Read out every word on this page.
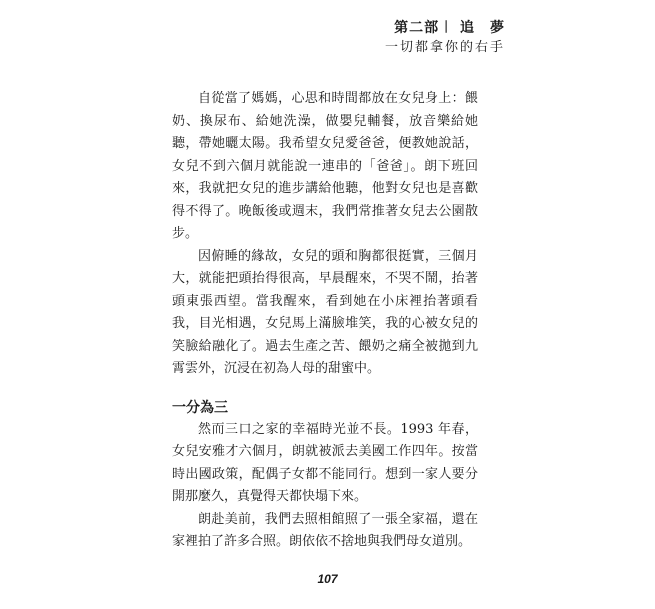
第二部︱ 追　夢
一切都拿你的右手

自從當了媽媽，心思和時間都放在女兒身上：餵奶、換尿布、給她洗澡，做嬰兒輔餐，放音樂給她聽，帶她曬太陽。我希望女兒愛爸爸，便教她說話，女兒不到六個月就能說一連串的「爸爸」。朗下班回來，我就把女兒的進步講給他聽，他對女兒也是喜歡得不得了。晚飯後或週末，我們常推著女兒去公園散步。

因俯睡的緣故，女兒的頭和胸都很挺實，三個月大，就能把頭抬得很高，早晨醒來，不哭不鬧，抬著頭東張西望。當我醒來，看到她在小床裡抬著頭看我，目光相遇，女兒馬上滿臉堆笑，我的心被女兒的笑臉給融化了。過去生產之苦、餵奶之痛全被拋到九霄雲外，沉浸在初為人母的甜蜜中。

一分為三

然而三口之家的幸福時光並不長。1993 年春，女兒安雅才六個月，朗就被派去美國工作四年。按當時出國政策，配偶子女都不能同行。想到一家人要分開那麼久，真覺得天都快塌下來。

朗赴美前，我們去照相館照了一張全家福，還在家裡拍了許多合照。朗依依不捨地與我們母女道別。

107
